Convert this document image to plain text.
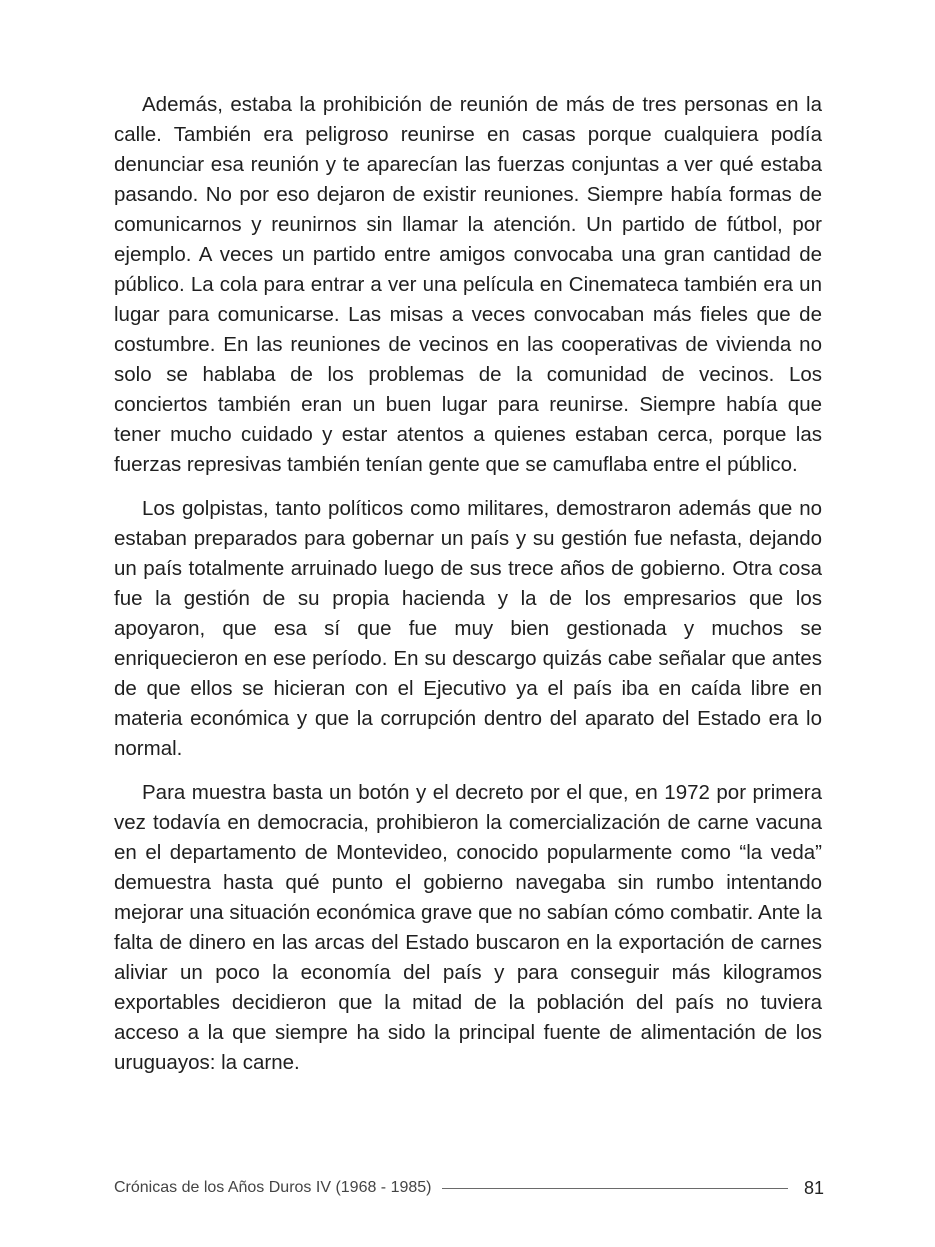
Además, estaba la prohibición de reunión de más de tres personas en la calle. También era peligroso reunirse en casas porque cualquiera podía denunciar esa reunión y te aparecían las fuerzas conjuntas a ver qué estaba pasando. No por eso dejaron de existir reuniones. Siempre había formas de comunicarnos y reunirnos sin llamar la atención. Un partido de fútbol, por ejemplo. A veces un partido entre amigos convocaba una gran cantidad de público. La cola para entrar a ver una película en Cinemateca también era un lugar para comunicarse. Las misas a veces convocaban más fieles que de costumbre. En las reuniones de vecinos en las cooperativas de vivienda no solo se hablaba de los problemas de la comunidad de vecinos. Los conciertos también eran un buen lugar para reunirse. Siempre había que tener mucho cuidado y estar atentos a quienes estaban cerca, porque las fuerzas represivas también tenían gente que se camuflaba entre el público.

Los golpistas, tanto políticos como militares, demostraron además que no estaban preparados para gobernar un país y su gestión fue nefasta, dejando un país totalmente arruinado luego de sus trece años de gobierno. Otra cosa fue la gestión de su propia hacienda y la de los empresarios que los apoyaron, que esa sí que fue muy bien gestionada y muchos se enriquecieron en ese período. En su descargo quizás cabe señalar que antes de que ellos se hicieran con el Ejecutivo ya el país iba en caída libre en materia económica y que la corrupción dentro del aparato del Estado era lo normal.

Para muestra basta un botón y el decreto por el que, en 1972 por primera vez todavía en democracia, prohibieron la comercialización de carne vacuna en el departamento de Montevideo, conocido popularmente como “la veda” demuestra hasta qué punto el gobierno navegaba sin rumbo intentando mejorar una situación económica grave que no sabían cómo combatir. Ante la falta de dinero en las arcas del Estado buscaron en la exportación de carnes aliviar un poco la economía del país y para conseguir más kilogramos exportables decidieron que la mitad de la población del país no tuviera acceso a la que siempre ha sido la principal fuente de alimentación de los uruguayos: la carne.

Crónicas de los Años Duros IV (1968 - 1985)	81
